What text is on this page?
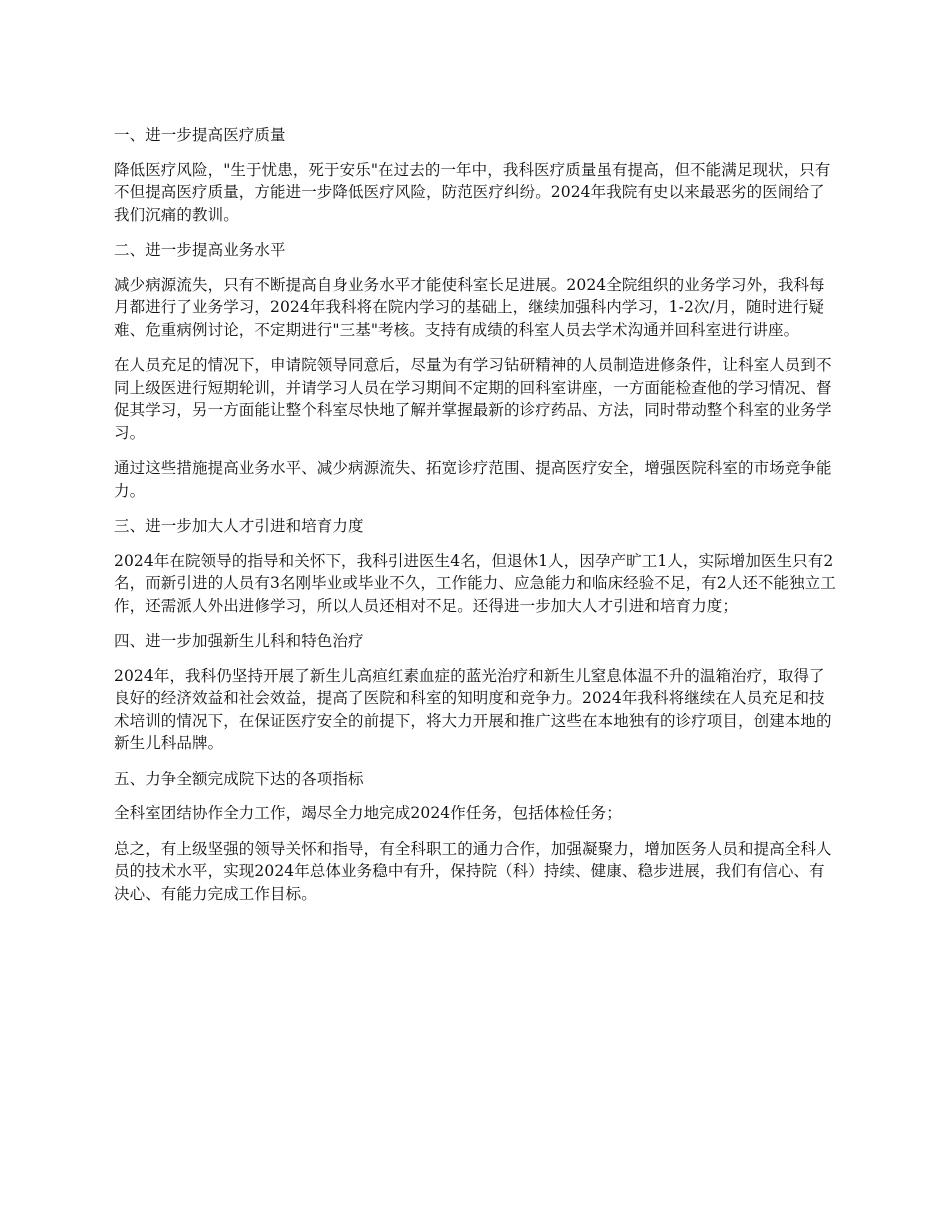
一、进一步提高医疗质量

降低医疗风险，"生于忧患，死于安乐"在过去的一年中，我科医疗质量虽有提高，但不能满足现状，只有不但提高医疗质量，方能进一步降低医疗风险，防范医疗纠纷。2024年我院有史以来最恶劣的医闹给了我们沉痛的教训。

二、进一步提高业务水平

减少病源流失，只有不断提高自身业务水平才能使科室长足进展。2024全院组织的业务学习外，我科每月都进行了业务学习，2024年我科将在院内学习的基础上，继续加强科内学习，1-2次/月，随时进行疑难、危重病例讨论，不定期进行"三基"考核。支持有成绩的科室人员去学术沟通并回科室进行讲座。

在人员充足的情况下，申请院领导同意后，尽量为有学习钻研精神的人员制造进修条件，让科室人员到不同上级医进行短期轮训，并请学习人员在学习期间不定期的回科室讲座，一方面能检查他的学习情况、督促其学习，另一方面能让整个科室尽快地了解并掌握最新的诊疗药品、方法，同时带动整个科室的业务学习。

通过这些措施提高业务水平、减少病源流失、拓宽诊疗范围、提高医疗安全，增强医院科室的市场竞争能力。

三、进一步加大人才引进和培育力度

2024年在院领导的指导和关怀下，我科引进医生4名，但退休1人，因孕产旷工1人，实际增加医生只有2名，而新引进的人员有3名刚毕业或毕业不久，工作能力、应急能力和临床经验不足，有2人还不能独立工作，还需派人外出进修学习，所以人员还相对不足。还得进一步加大人才引进和培育力度；

四、进一步加强新生儿科和特色治疗

2024年，我科仍坚持开展了新生儿高疸红素血症的蓝光治疗和新生儿窒息体温不升的温箱治疗，取得了良好的经济效益和社会效益，提高了医院和科室的知明度和竞争力。2024年我科将继续在人员充足和技术培训的情况下，在保证医疗安全的前提下，将大力开展和推广这些在本地独有的诊疗项目，创建本地的新生儿科品牌。

五、力争全额完成院下达的各项指标

全科室团结协作全力工作，竭尽全力地完成2024作任务，包括体检任务；

总之，有上级坚强的领导关怀和指导，有全科职工的通力合作，加强凝聚力，增加医务人员和提高全科人员的技术水平，实现2024年总体业务稳中有升，保持院（科）持续、健康、稳步进展，我们有信心、有决心、有能力完成工作目标。
